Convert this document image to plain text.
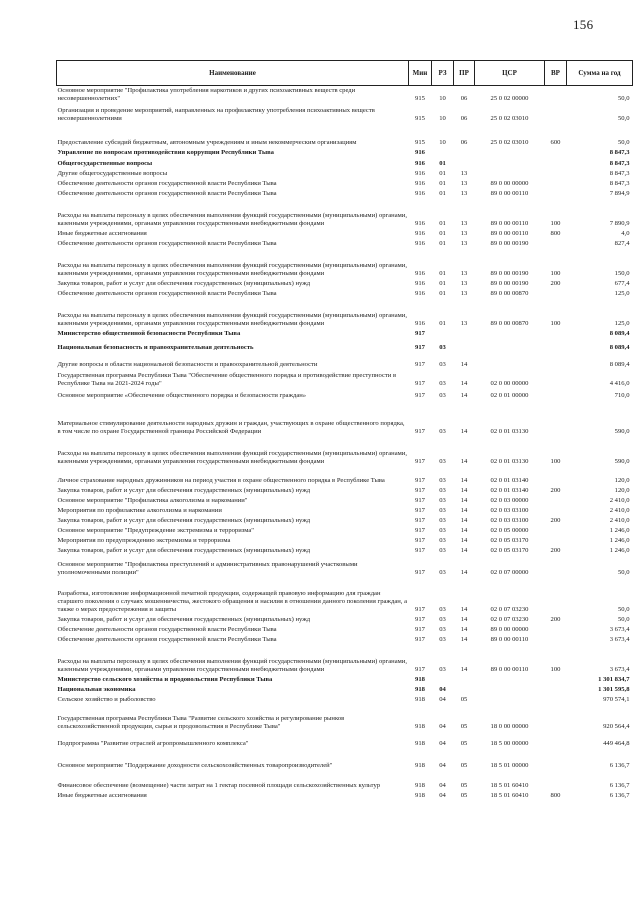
156
Наименование	Мин	РЗ	ПР	ЦСР	ВР	Сумма на год
Основное мероприятие "Профилактика употребления наркотиков и других психоактивных веществ среди несовершеннолетних"	915	10	06	25 0 02 00000		50,0
Организация и проведение мероприятий, направленных на профилактику употребления психоактивных веществ несовершеннолетними	915	10	06	25 0 02 03010		50,0
Предоставление субсидий бюджетным, автономным учреждениям и иным некоммерческим организациям	915	10	06	25 0 02 03010	600	50,0
Управление по вопросам противодействия коррупции Республики Тыва	916					8 847,3
Общегосударственные вопросы	916	01				8 847,3
Другие общегосударственные вопросы	916	01	13			8 847,3
Обеспечение деятельности органов государственной власти Республики Тыва	916	01	13	89 0 00 00000		8 847,3
Обеспечение деятельности органов государственной власти Республики Тыва	916	01	13	89 0 00 00110		7 894,9
Расходы на выплаты персоналу в целях обеспечения выполнения функций государственными (муниципальными) органами, казенными учреждениями, органами управления государственными внебюджетными фондами	916	01	13	89 0 00 00110	100	7 890,9
Иные бюджетные ассигнования	916	01	13	89 0 00 00110	800	4,0
Обеспечение деятельности органов государственной власти Республики Тыва	916	01	13	89 0 00 00190		827,4
Расходы на выплаты персоналу в целях обеспечения выполнения функций государственными (муниципальными) органами, казенными учреждениями, органами управления государственными внебюджетными фондами	916	01	13	89 0 00 00190	100	150,0
Закупка товаров, работ и услуг для обеспечения государственных (муниципальных) нужд	916	01	13	89 0 00 00190	200	677,4
Обеспечение деятельности органов государственной власти Республики Тыва	916	01	13	89 0 00 00870		125,0
Расходы на выплаты персоналу в целях обеспечения выполнения функций государственными (муниципальными) органами, казенными учреждениями, органами управления государственными внебюджетными фондами	916	01	13	89 0 00 00870	100	125,0
Министерство общественной безопасности Республики Тыва	917					8 089,4
Национальная безопасность и правоохранительная деятельность	917	03				8 089,4
Другие вопросы в области национальной безопасности и правоохранительной деятельности	917	03	14			8 089,4
Государственная программа Республики Тыва "Обеспечение общественного порядка и противодействие преступности в Республике Тыва на 2021-2024 годы"	917	03	14	02 0 00 00000		4 416,0
Основное мероприятие «Обеспечение общественного порядка и безопасности граждан»	917	03	14	02 0 01 00000		710,0
Материальное стимулирование деятельности народных дружин и граждан, участвующих в охране общественного порядка, в том числе по охране Государственной границы Российской Федерации	917	03	14	02 0 01 03130		590,0
Расходы на выплаты персоналу в целях обеспечения выполнения функций государственными (муниципальными) органами, казенными учреждениями, органами управления государственными внебюджетными фондами	917	03	14	02 0 01 03130	100	590,0
Личное страхование народных дружинников на период участия в охране общественного порядка в Республике Тыва	917	03	14	02 0 01 03140		120,0
Закупка товаров, работ и услуг для обеспечения государственных (муниципальных) нужд	917	03	14	02 0 01 03140	200	120,0
Основное мероприятие "Профилактика алкоголизма и наркомании"	917	03	14	02 0 03 00000		2 410,0
Мероприятия по профилактике алкоголизма и наркомании	917	03	14	02 0 03 03100		2 410,0
Закупка товаров, работ и услуг для обеспечения государственных (муниципальных) нужд	917	03	14	02 0 03 03100	200	2 410,0
Основное мероприятие "Предупреждение экстремизма и терроризма"	917	03	14	02 0 05 00000		1 246,0
Мероприятия по предупреждению экстремизма и терроризма	917	03	14	02 0 05 03170		1 246,0
Закупка товаров, работ и услуг для обеспечения государственных (муниципальных) нужд	917	03	14	02 0 05 03170	200	1 246,0
Основное мероприятие "Профилактика преступлений и административных правонарушений участковыми уполномоченными полиции"	917	03	14	02 0 07 00000		50,0
Разработка, изготовление информационной печатной продукции, содержащей правовую информацию для граждан старшего поколения о случаях мошенничества, жестокого обращения и насилия в отношении данного поколения граждан, а также о мерах предостережения и защиты	917	03	14	02 0 07 03230		50,0
Закупка товаров, работ и услуг для обеспечения государственных (муниципальных) нужд	917	03	14	02 0 07 03230	200	50,0
Обеспечение деятельности органов государственной власти Республики Тыва	917	03	14	89 0 00 00000		3 673,4
Обеспечение деятельности органов государственной власти Республики Тыва	917	03	14	89 0 00 00110		3 673,4
Расходы на выплаты персоналу в целях обеспечения выполнения функций государственными (муниципальными) органами, казенными учреждениями, органами управления государственными внебюджетными фондами	917	03	14	89 0 00 00110	100	3 673,4
Министерство сельского хозяйства и продовольствия Республики Тыва	918					1 301 834,7
Национальная экономика	918	04				1 301 595,8
Сельское хозяйство и рыболовство	918	04	05			970 574,1
Государственная программа Республики Тыва "Развитие сельского хозяйства и регулирование рынков сельскохозяйственной продукции, сырья и продовольствия в Республике Тыва"	918	04	05	18 0 00 00000		920 564,4
Подпрограмма "Развитие отраслей агропромышленного комплекса"	918	04	05	18 5 00 00000		449 464,8
Основное мероприятие "Поддержание доходности сельскохозяйственных товаропроизводителей"	918	04	05	18 5 01 00000		6 136,7
Финансовое обеспечение (возмещение) части затрат на 1 гектар посевной площади сельскохозяйственных культур	918	04	05	18 5 01 60410		6 136,7
Иные бюджетные ассигнования	918	04	05	18 5 01 60410	800	6 136,7
